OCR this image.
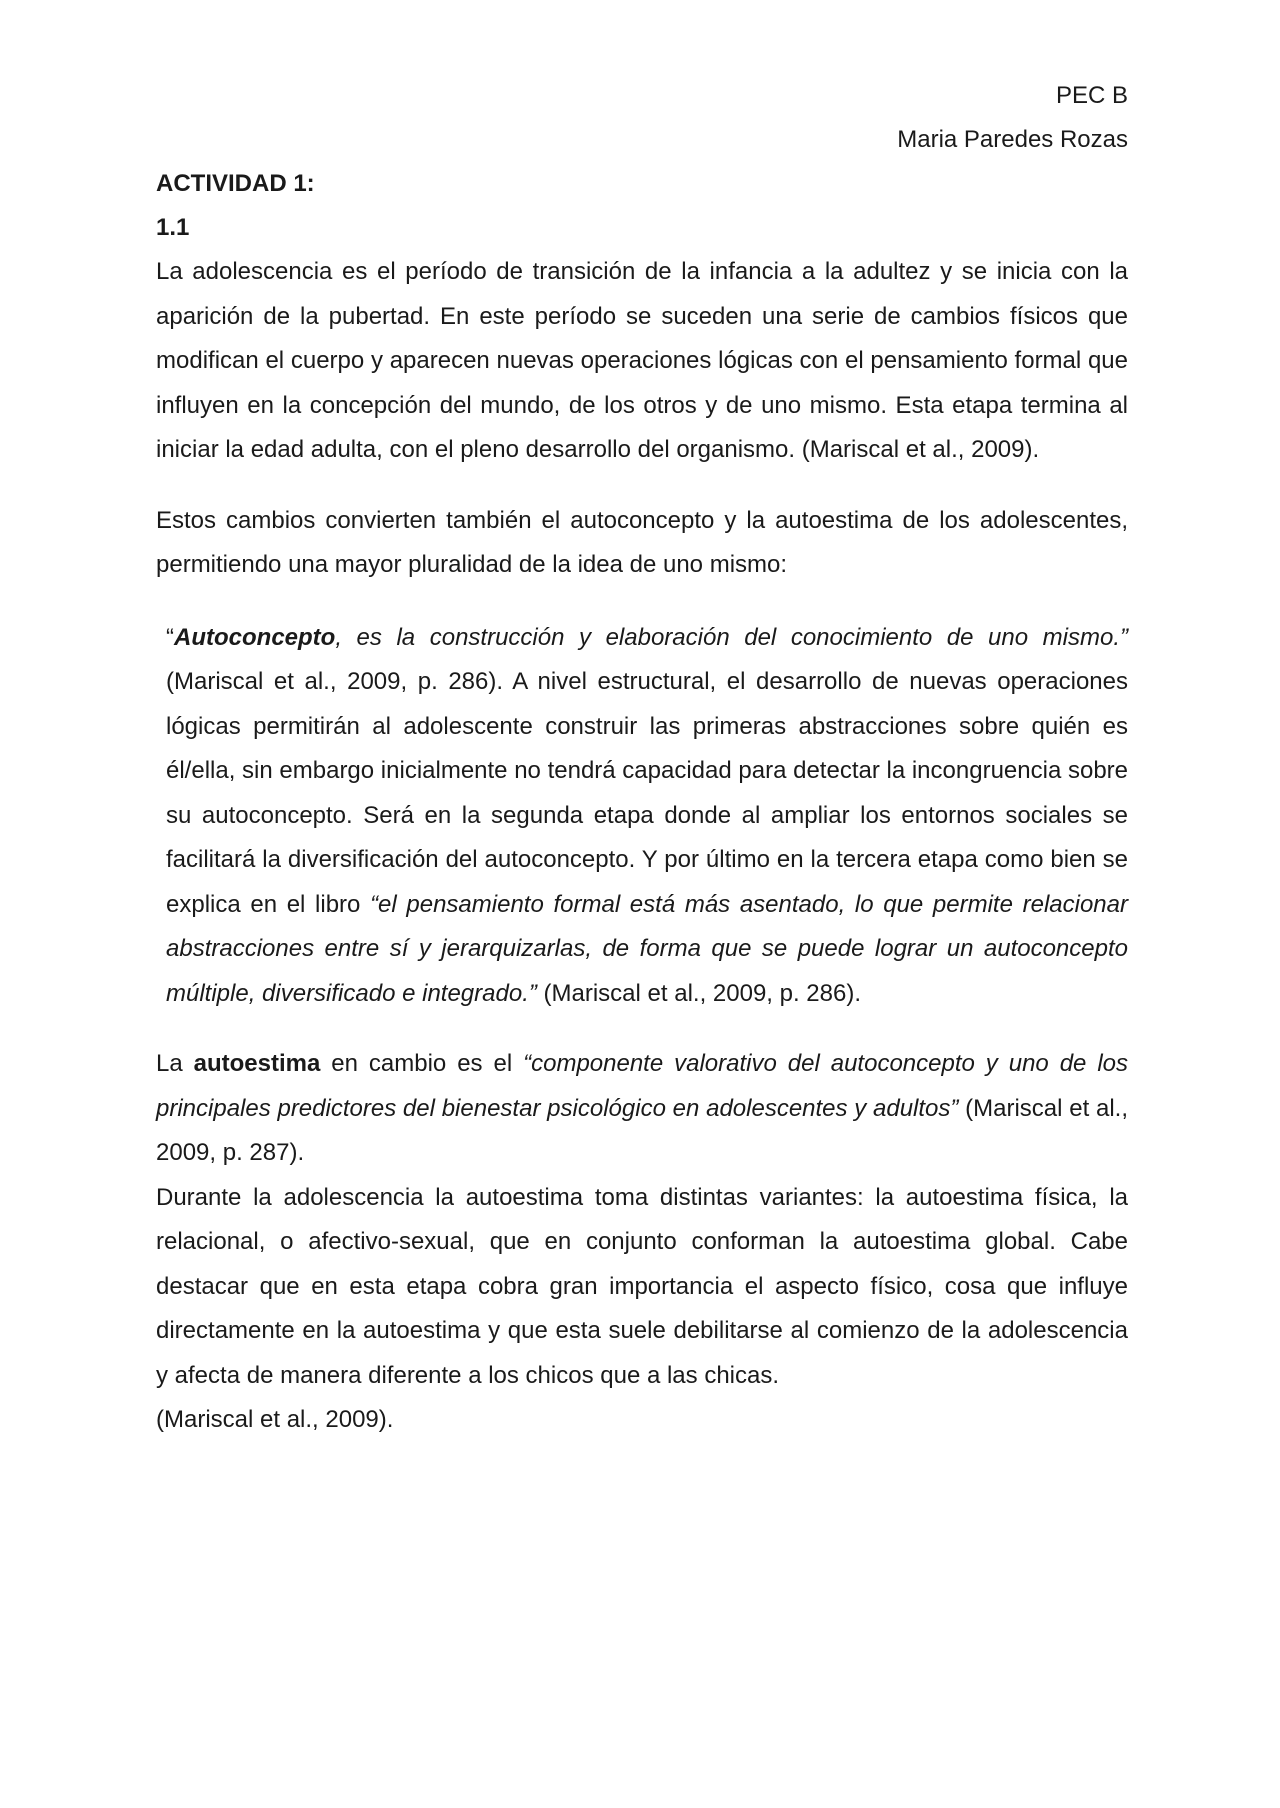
PEC B
Maria Paredes Rozas
ACTIVIDAD 1:
1.1

La adolescencia es el período de transición de la infancia a la adultez y se inicia con la aparición de la pubertad. En este período se suceden una serie de cambios físicos que modifican el cuerpo y aparecen nuevas operaciones lógicas con el pensamiento formal que influyen en la concepción del mundo, de los otros y de uno mismo. Esta etapa termina al iniciar la edad adulta, con el pleno desarrollo del organismo. (Mariscal et al., 2009).

Estos cambios convierten también el autoconcepto y la autoestima de los adolescentes, permitiendo una mayor pluralidad de la idea de uno mismo:

“Autoconcepto, es la construcción y elaboración del conocimiento de uno mismo.” (Mariscal et al., 2009, p. 286). A nivel estructural, el desarrollo de nuevas operaciones lógicas permitirán al adolescente construir las primeras abstracciones sobre quién es él/ella, sin embargo inicialmente no tendrá capacidad para detectar la incongruencia sobre su autoconcepto. Será en la segunda etapa donde al ampliar los entornos sociales se facilitará la diversificación del autoconcepto. Y por último en la tercera etapa como bien se explica en el libro “el pensamiento formal está más asentado, lo que permite relacionar abstracciones entre sí y jerarquizarlas, de forma que se puede lograr un autoconcepto múltiple, diversificado e integrado.” (Mariscal et al., 2009, p. 286).

La autoestima en cambio es el “componente valorativo del autoconcepto y uno de los principales predictores del bienestar psicológico en adolescentes y adultos” (Mariscal et al., 2009, p. 287).

Durante la adolescencia la autoestima toma distintas variantes: la autoestima física, la relacional, o afectivo-sexual, que en conjunto conforman la autoestima global. Cabe destacar que en esta etapa cobra gran importancia el aspecto físico, cosa que influye directamente en la autoestima y que esta suele debilitarse al comienzo de la adolescencia y afecta de manera diferente a los chicos que a las chicas.

(Mariscal et al., 2009).
